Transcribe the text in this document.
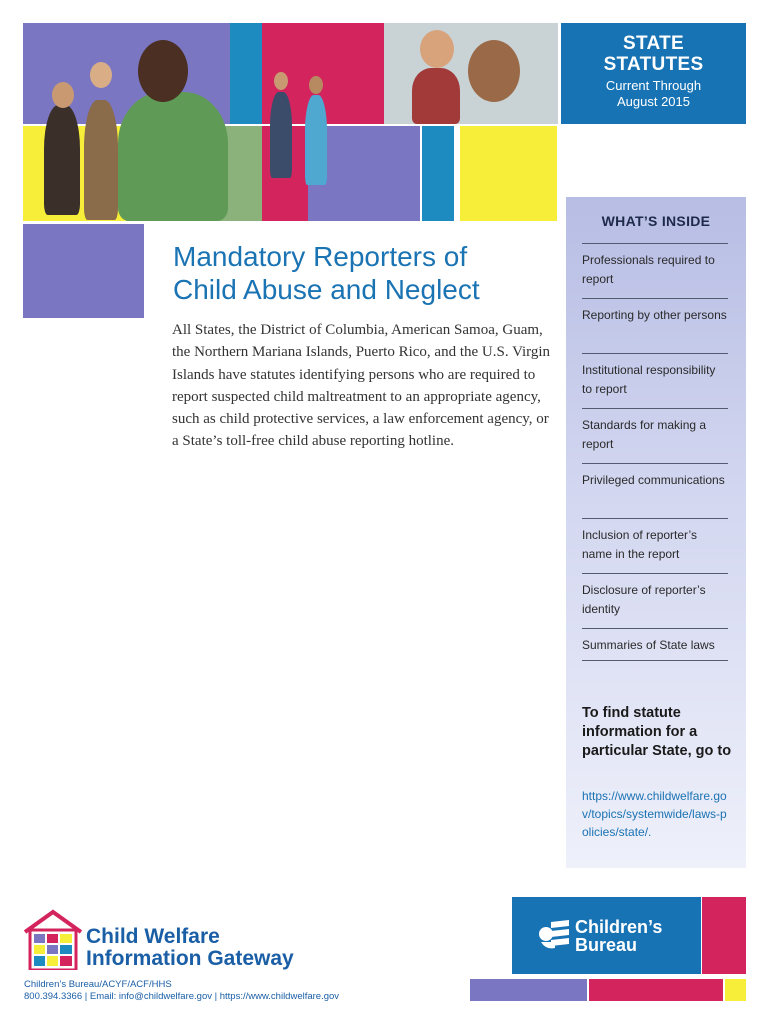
STATE
STATUTES
Current Through
August 2015
Mandatory Reporters of
Child Abuse and Neglect

All States, the District of Columbia, American Samoa, Guam, the Northern Mariana Islands, Puerto Rico, and the U.S. Virgin Islands have statutes identifying persons who are required to report suspected child maltreatment to an appropriate agency, such as child protective services, a law enforcement agency, or a State’s toll-free child abuse reporting hotline.

WHAT’S INSIDE
Professionals required to report
Reporting by other persons
Institutional responsibility to report
Standards for making a report
Privileged communications
Inclusion of reporter’s name in the report
Disclosure of reporter’s identity
Summaries of State laws
To find statute information for a particular State, go to
https://www.childwelfare.gov/topics/systemwide/laws-policies/state/.
Child Welfare
Information Gateway
Children’s Bureau/ACYF/ACF/HHS
800.394.3366 | Email: info@childwelfare.gov | https://www.childwelfare.gov
Children’s
Bureau
